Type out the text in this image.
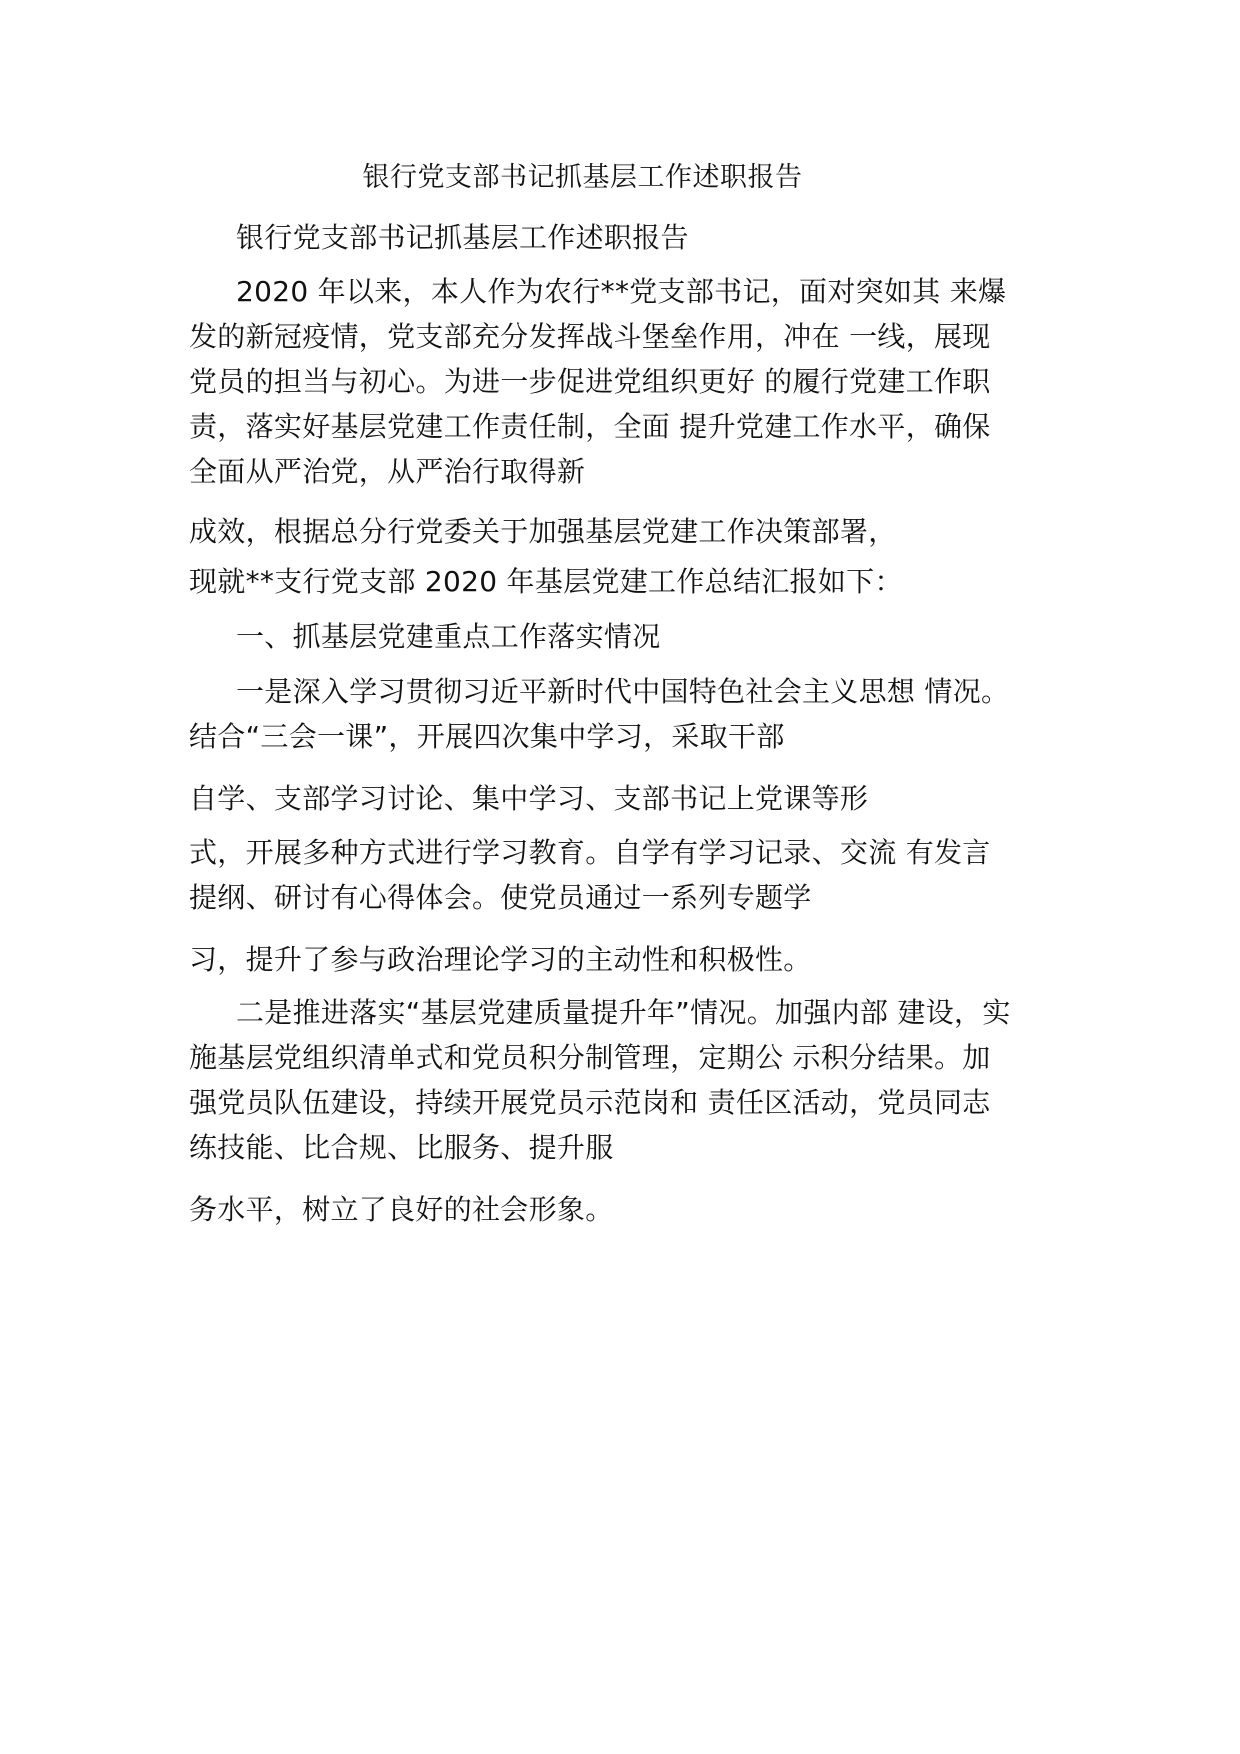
银行党支部书记抓基层工作述职报告
银行党支部书记抓基层工作述职报告
2020 年以来，本人作为农行**党支部书记，面对突如其 来爆
发的新冠疫情，党支部充分发挥战斗堡垒作用，冲在 一线，展现
党员的担当与初心。为进一步促进党组织更好 的履行党建工作职
责，落实好基层党建工作责任制，全面 提升党建工作水平，确保
全面从严治党，从严治行取得新
成效，根据总分行党委关于加强基层党建工作决策部署，
现就**支行党支部 2020 年基层党建工作总结汇报如下：
一、抓基层党建重点工作落实情况
一是深入学习贯彻习近平新时代中国特色社会主义思想 情况。
结合“三会一课”，开展四次集中学习，采取干部
自学、支部学习讨论、集中学习、支部书记上党课等形
式，开展多种方式进行学习教育。自学有学习记录、交流 有发言
提纲、研讨有心得体会。使党员通过一系列专题学
习，提升了参与政治理论学习的主动性和积极性。
二是推进落实“基层党建质量提升年”情况。加强内部 建设，实
施基层党组织清单式和党员积分制管理，定期公 示积分结果。加
强党员队伍建设，持续开展党员示范岗和 责任区活动，党员同志
练技能、比合规、比服务、提升服
务水平，树立了良好的社会形象。
